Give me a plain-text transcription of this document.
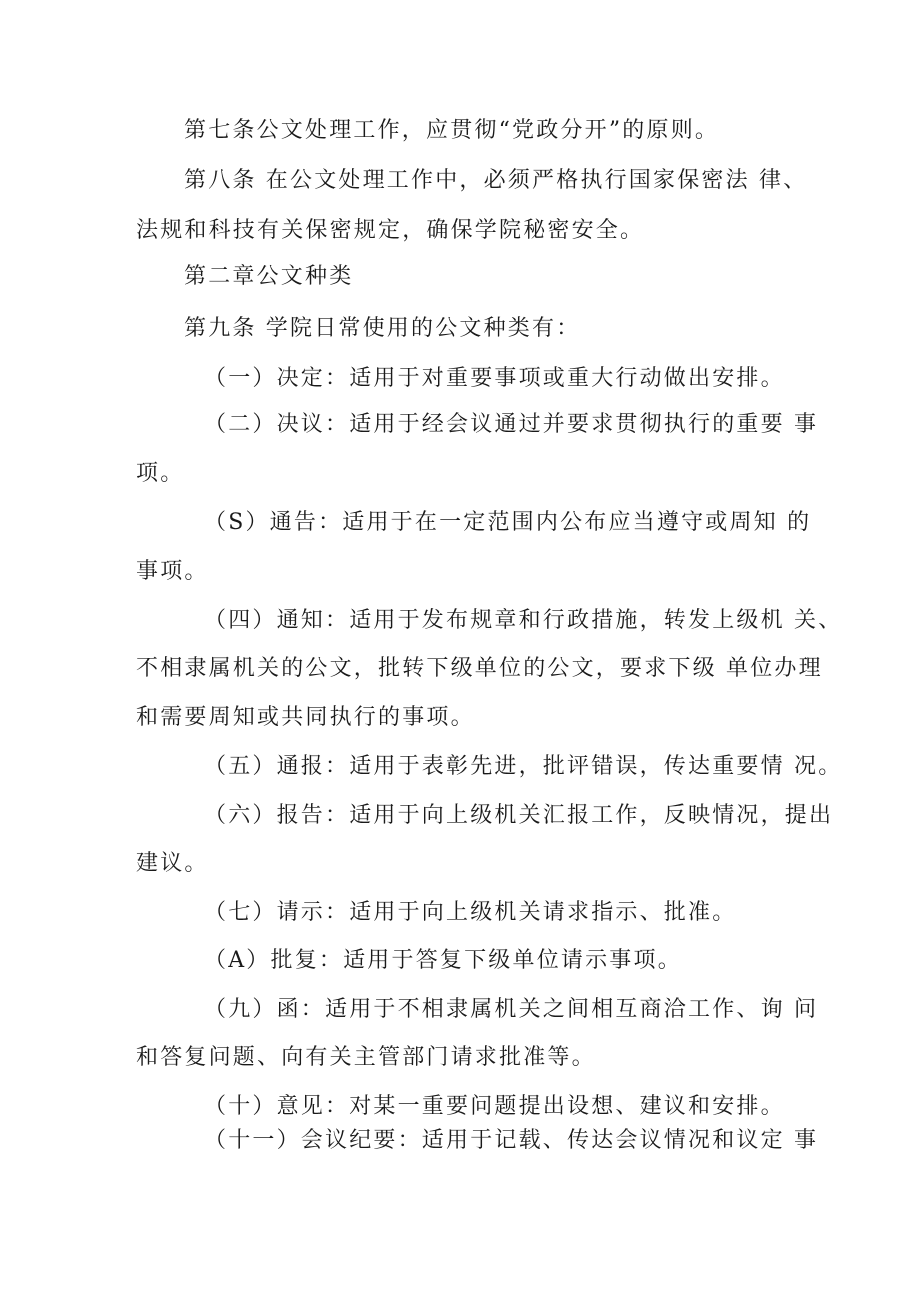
第七条公文处理工作，应贯彻“党政分开”的原则。
第八条 在公文处理工作中，必须严格执行国家保密法 律、
法规和科技有关保密规定，确保学院秘密安全。
第二章公文种类
第九条 学院日常使用的公文种类有：
（一）决定：适用于对重要事项或重大行动做出安排。
（二）决议：适用于经会议通过并要求贯彻执行的重要 事
项。
（S）通告：适用于在一定范围内公布应当遵守或周知 的
事项。
（四）通知：适用于发布规章和行政措施，转发上级机 关、
不相隶属机关的公文，批转下级单位的公文，要求下级 单位办理
和需要周知或共同执行的事项。
（五）通报：适用于表彰先进，批评错误，传达重要情 况。
（六）报告：适用于向上级机关汇报工作，反映情况，提出
建议。
（七）请示：适用于向上级机关请求指示、批准。
（A）批复：适用于答复下级单位请示事项。
（九）函：适用于不相隶属机关之间相互商洽工作、询 问
和答复问题、向有关主管部门请求批准等。
（十）意见：对某一重要问题提出设想、建议和安排。
（十一）会议纪要：适用于记载、传达会议情况和议定 事
